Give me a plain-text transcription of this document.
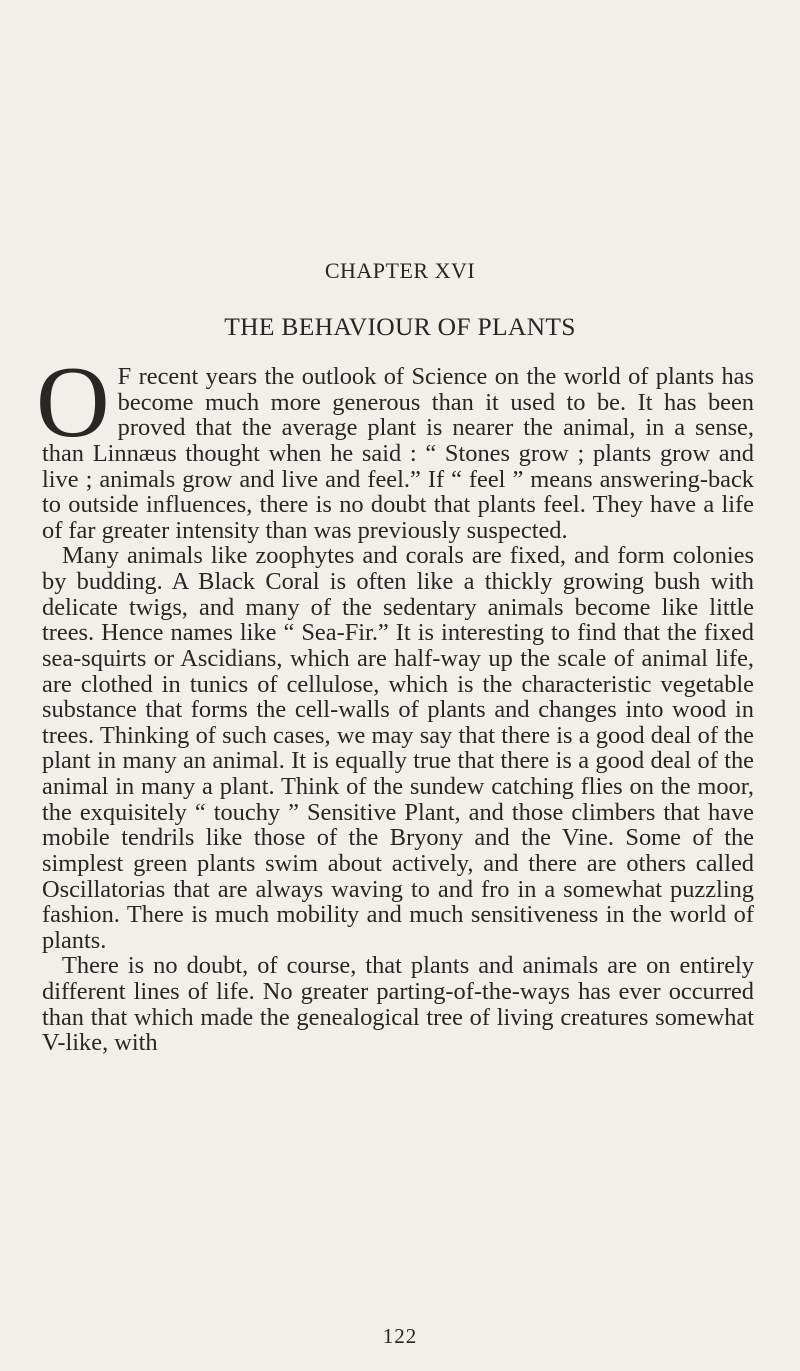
CHAPTER XVI
THE BEHAVIOUR OF PLANTS

O F recent years the outlook of Science on the world of plants has become much more generous than it used to be. It has been proved that the average plant is nearer the animal, in a sense, than Linnæus thought when he said : “ Stones grow ; plants grow and live ; animals grow and live and feel.” If “ feel ” means answering-back to outside influences, there is no doubt that plants feel. They have a life of far greater intensity than was previously suspected.

Many animals like zoophytes and corals are fixed, and form colonies by budding. A Black Coral is often like a thickly growing bush with delicate twigs, and many of the sedentary animals become like little trees. Hence names like “ Sea-Fir.” It is interesting to find that the fixed sea-squirts or Ascidians, which are half-way up the scale of animal life, are clothed in tunics of cellulose, which is the characteristic vegetable substance that forms the cell-walls of plants and changes into wood in trees. Thinking of such cases, we may say that there is a good deal of the plant in many an animal. It is equally true that there is a good deal of the animal in many a plant. Think of the sundew catching flies on the moor, the exquisitely “ touchy ” Sensitive Plant, and those climbers that have mobile tendrils like those of the Bryony and the Vine. Some of the simplest green plants swim about actively, and there are others called Oscillatorias that are always waving to and fro in a somewhat puzzling fashion. There is much mobility and much sensitiveness in the world of plants.

There is no doubt, of course, that plants and animals are on entirely different lines of life. No greater parting-of-the-ways has ever occurred than that which made the genealogical tree of living creatures somewhat V-like, with

122
